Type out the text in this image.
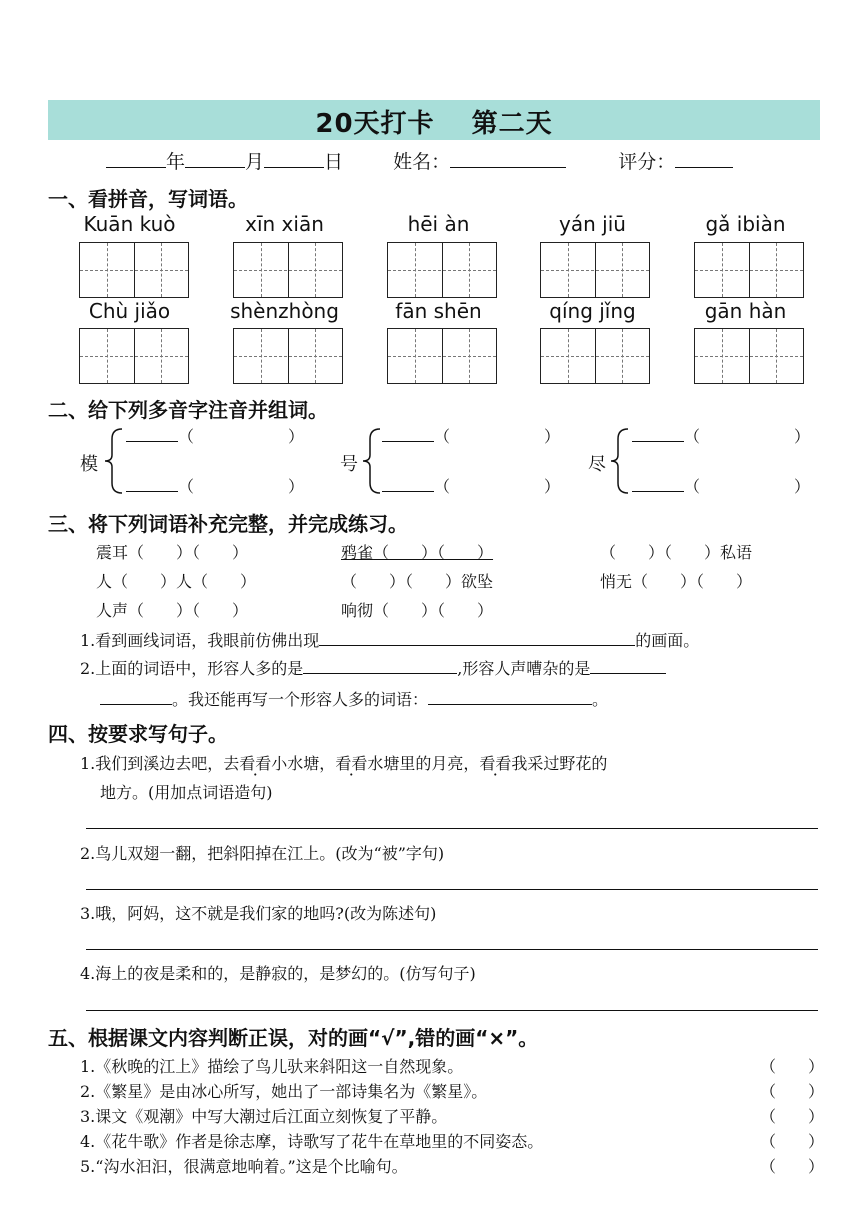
20天打卡　 第二天
年	月	日	姓名：	评分：
一、看拼音，写词语。
Kuān kuò	xīn xiān	hēi àn	yán jiū	gǎ ibiàn
Chù jiǎo	shènzhòng	fān shēn	qíng jǐng	gān hàn
二、给下列多音字注音并组词。
模
（	）
（	）
号
（	）
（	）
尽
（	）
（	）
三、将下列词语补充完整，并完成练习。
震耳（　　）（　　）	鸦雀（　　）（　　）	（　　）（　　）私语
人（　　）人（　　）	（　　）（　　）欲坠	悄无（　　）（　　）
人声（　　）（　　）	响彻（　　）（　　）
1.看到画线词语，我眼前仿佛出现	的画面。
2.上面的词语中，形容人多的是	,形容人声嘈杂的是
。我还能再写一个形容人多的词语：	。
四、按要求写句子。
1.我们到溪边去吧，去看看小水塘，看看水塘里的月亮，看看我采过野花的
地方。(用加点词语造句)
2.鸟儿双翅一翻，把斜阳掉在江上。(改为“被”字句)
3.哦，阿妈，这不就是我们家的地吗?(改为陈述句)
4.海上的夜是柔和的，是静寂的，是梦幻的。(仿写句子)
五、根据课文内容判断正误，对的画“√”,错的画“×”。
1.《秋晚的江上》描绘了鸟儿驮来斜阳这一自然现象。	（　　）
2.《繁星》是由冰心所写，她出了一部诗集名为《繁星》。	（　　）
3.课文《观潮》中写大潮过后江面立刻恢复了平静。	（　　）
4.《花牛歌》作者是徐志摩，诗歌写了花牛在草地里的不同姿态。	（　　）
5.“沟水汩汩，很满意地响着。”这是个比喻句。	（　　）
